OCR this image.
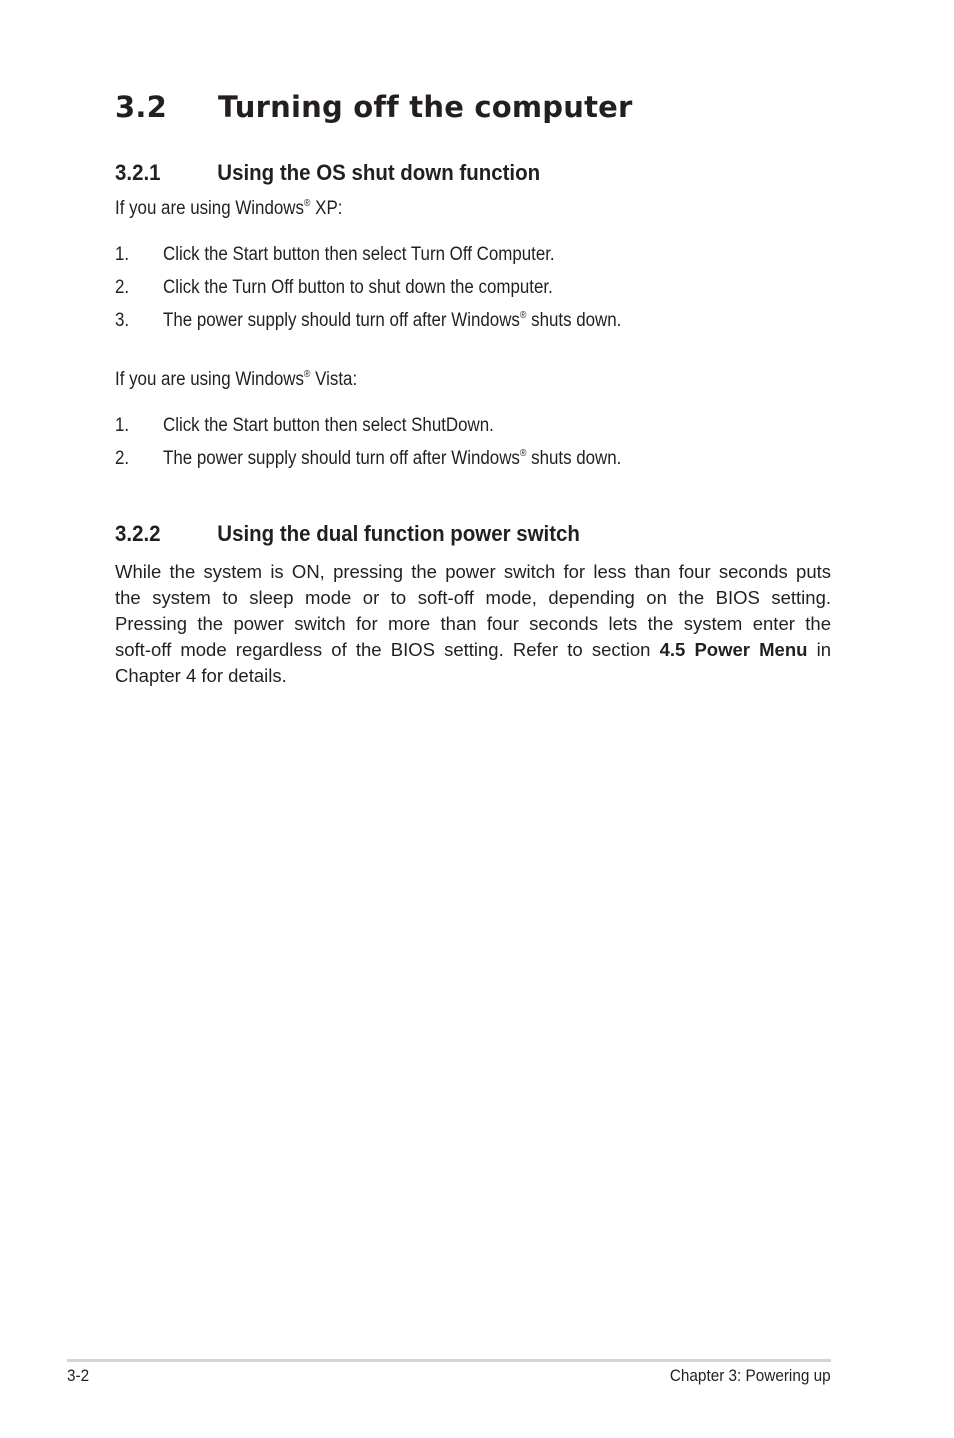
3.2 Turning off the computer
3.2.1	Using the OS shut down function

If you are using Windows® XP:

1. Click the Start button then select Turn Off Computer.
2. Click the Turn Off button to shut down the computer.
3. The power supply should turn off after Windows® shuts down.

If you are using Windows® Vista:

1. Click the Start button then select ShutDown.
2. The power supply should turn off after Windows® shuts down.
3.2.2	Using the dual function power switch
While the system is ON, pressing the power switch for less than four seconds puts
the system to sleep mode or to soft-off mode, depending on the BIOS setting.
Pressing the power switch for more than four seconds lets the system enter the
soft-off mode regardless of the BIOS setting. Refer to section 4.5 Power Menu in
Chapter 4 for details.
3-2	Chapter 3: Powering up
